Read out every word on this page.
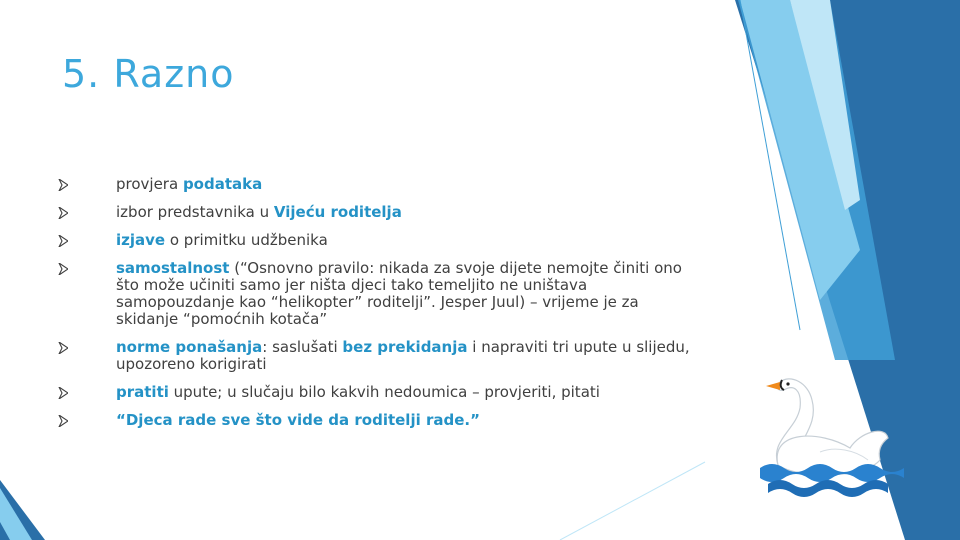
5. Razno
provjera podataka
izbor predstavnika u Vijeću roditelja
izjave o primitku udžbenika
samostalnost (“Osnovno pravilo: nikada za svoje dijete nemojte činiti ono što može učiniti samo jer ništa djeci tako temeljito ne uništava samopouzdanje kao “helikopter” roditelji”. Jesper Juul) – vrijeme je za skidanje “pomoćnih kotača”
norme ponašanja: saslušati bez prekidanja i napraviti tri upute u slijedu, upozoreno korigirati
pratiti upute; u slučaju bilo kakvih nedoumica – provjeriti, pitati
“Djeca rade sve što vide da roditelji rade.”
